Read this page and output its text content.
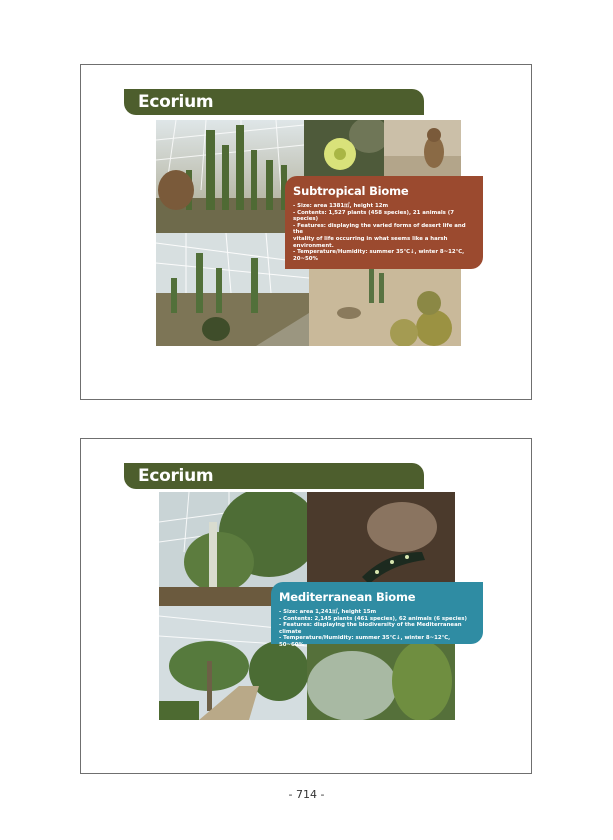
Ecorium
Subtropical Biome
- Size: area 1381㎡, height 12m
- Contents: 1,527 plants (458 species), 21 animals (7 species)
- Features: displaying the varied forms of desert life and the
vitality of life occurring in what seems like a harsh
environment.
- Temperature/Humidity: summer 35℃↓, winter 8~12℃,
20~50%
Ecorium
Mediterranean Biome
- Size: area 1,241㎡, height 15m
- Contents: 2,145 plants (461 species), 62 animals (6 species)
- Features: displaying the biodiversity of the Mediterranean climate
- Temperature/Humidity: summer 35℃↓, winter 8~12℃, 50~60%
- 714 -
